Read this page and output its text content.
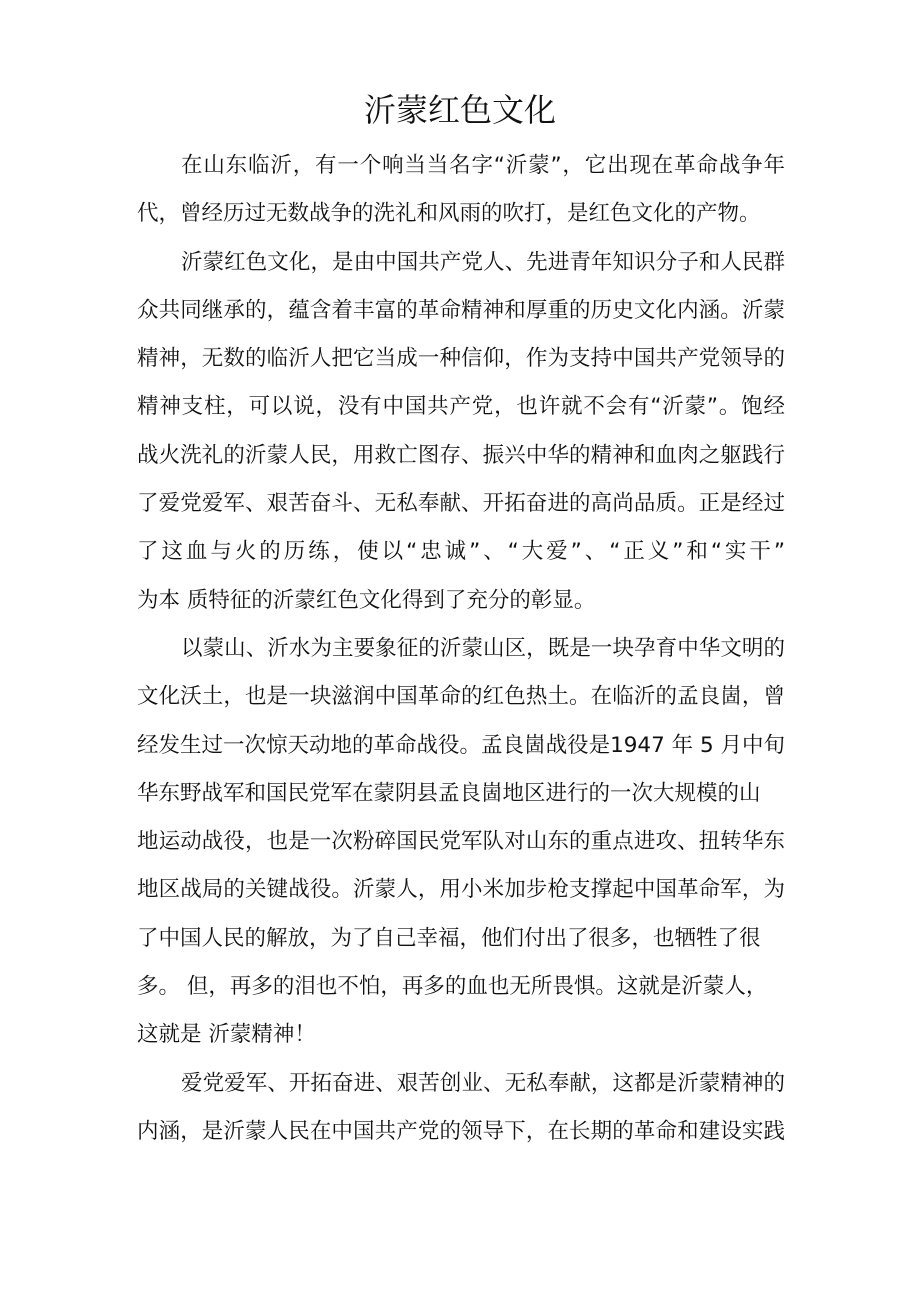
沂蒙红色文化
在山东临沂，有一个响当当名字“沂蒙”，它出现在革命战争年
代，曾经历过无数战争的洗礼和风雨的吹打，是红色文化的产物。
沂蒙红色文化，是由中国共产党人、先进青年知识分子和人民群
众共同继承的，蕴含着丰富的革命精神和厚重的历史文化内涵。沂蒙
精神，无数的临沂人把它当成一种信仰，作为支持中国共产党领导的
精神支柱，可以说，没有中国共产党，也许就不会有“沂蒙”。饱经
战火洗礼的沂蒙人民，用救亡图存、振兴中华的精神和血肉之躯践行
了爱党爱军、艰苦奋斗、无私奉献、开拓奋进的高尚品质。正是经过
了这血与火的历练，使以“忠诚”、“大爱”、“正义”和“实干”
为本 质特征的沂蒙红色文化得到了充分的彰显。
以蒙山、沂水为主要象征的沂蒙山区，既是一块孕育中华文明的
文化沃土，也是一块滋润中国革命的红色热土。在临沂的孟良崮，曾
经发生过一次惊天动地的革命战役。孟良崮战役是1947 年 5 月中旬
华东野战军和国民党军在蒙阴县孟良崮地区进行的一次大规模的山
地运动战役，也是一次粉碎国民党军队对山东的重点进攻、扭转华东
地区战局的关键战役。沂蒙人，用小米加步枪支撑起中国革命军，为
了中国人民的解放，为了自己幸福，他们付出了很多，也牺牲了很
多。 但，再多的泪也不怕，再多的血也无所畏惧。这就是沂蒙人，
这就是 沂蒙精神！
爱党爱军、开拓奋进、艰苦创业、无私奉献，这都是沂蒙精神的
内涵，是沂蒙人民在中国共产党的领导下，在长期的革命和建设实践
